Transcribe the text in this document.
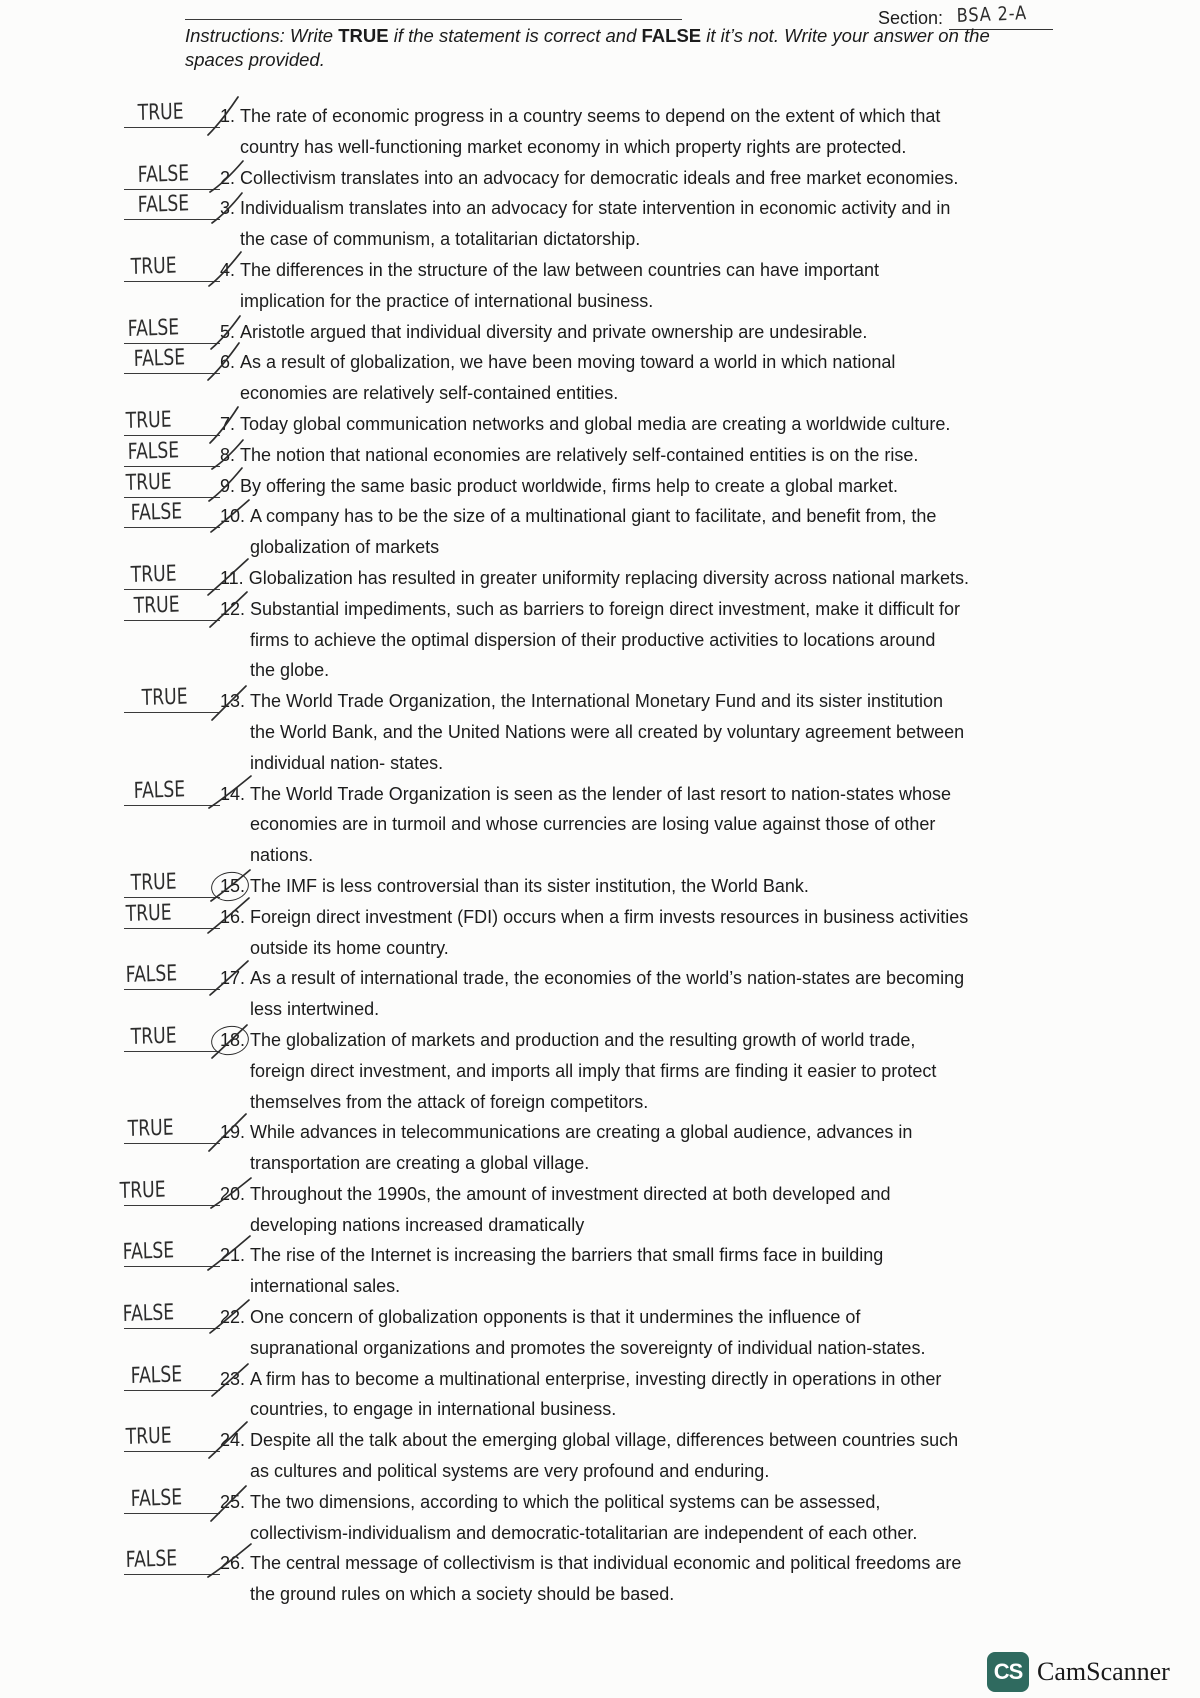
Section: BSA 2-A
Instructions: Write TRUE if the statement is correct and FALSE it it’s not. Write your answer on the
spaces provided.
TRUE 1. The rate of economic progress in a country seems to depend on the extent of which that
country has well-functioning market economy in which property rights are protected.
FALSE 2. Collectivism translates into an advocacy for democratic ideals and free market economies.
FALSE 3. Individualism translates into an advocacy for state intervention in economic activity and in
the case of communism, a totalitarian dictatorship.
TRUE 4. The differences in the structure of the law between countries can have important
implication for the practice of international business.
FALSE 5. Aristotle argued that individual diversity and private ownership are undesirable.
FALSE 6. As a result of globalization, we have been moving toward a world in which national
economies are relatively self-contained entities.
TRUE	7. Today global communication networks and global media are creating a worldwide culture.
FALSE 8. The notion that national economies are relatively self-contained entities is on the rise.
TRUE	9. By offering the same basic product worldwide, firms help to create a global market.
FALSE 10. A company has to be the size of a multinational giant to facilitate, and benefit from, the
globalization of markets
TRUE 11. Globalization has resulted in greater uniformity replacing diversity across national markets.
TRUE 12. Substantial impediments, such as barriers to foreign direct investment, make it difficult for
firms to achieve the optimal dispersion of their productive activities to locations around
the globe.
TRUE 13. The World Trade Organization, the International Monetary Fund and its sister institution
the World Bank, and the United Nations were all created by voluntary agreement between
individual nation- states.
FALSE 14. The World Trade Organization is seen as the lender of last resort to nation-states whose
economies are in turmoil and whose currencies are losing value against those of other
nations.
TRUE 15. The IMF is less controversial than its sister institution, the World Bank.
TRUE	16. Foreign direct investment (FDI) occurs when a firm invests resources in business activities
outside its home country.
FALSE 17. As a result of international trade, the economies of the world’s nation-states are becoming
less intertwined.
TRUE 18. The globalization of markets and production and the resulting growth of world trade,
foreign direct investment, and imports all imply that firms are finding it easier to protect
themselves from the attack of foreign competitors.
TRUE	19. While advances in telecommunications are creating a global audience, advances in
transportation are creating a global village.
TRUE	20. Throughout the 1990s, the amount of investment directed at both developed and
developing nations increased dramatically
FALSE	21. The rise of the Internet is increasing the barriers that small firms face in building
international sales.
FALSE	22. One concern of globalization opponents is that it undermines the influence of
supranational organizations and promotes the sovereignty of individual nation-states.
FALSE 23. A firm has to become a multinational enterprise, investing directly in operations in other
countries, to engage in international business.
TRUE	24. Despite all the talk about the emerging global village, differences between countries such
as cultures and political systems are very profound and enduring.
FALSE 25. The two dimensions, according to which the political systems can be assessed,
collectivism-individualism and democratic-totalitarian are independent of each other.
FALSE 26. The central message of collectivism is that individual economic and political freedoms are
the ground rules on which a society should be based.
CS CamScanner
